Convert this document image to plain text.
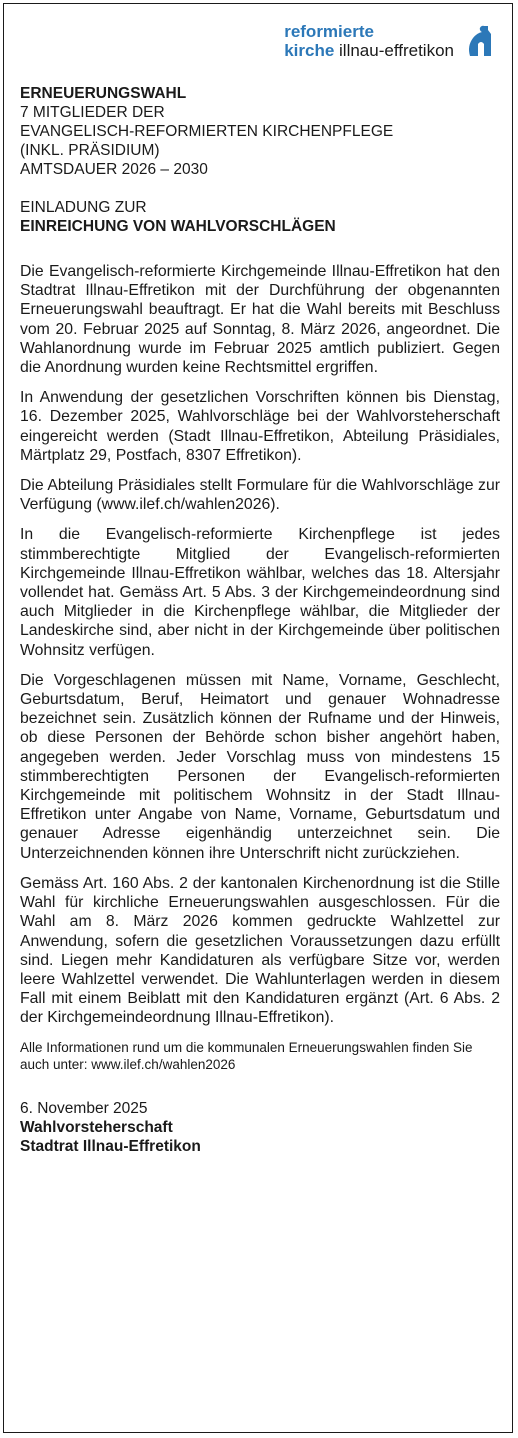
reformierte
kirche illnau-effretikon
ERNEUERUNGSWAHL
7 MITGLIEDER DER
EVANGELISCH-REFORMIERTEN KIRCHENPFLEGE
(INKL. PRÄSIDIUM)
AMTSDAUER 2026 – 2030
EINLADUNG ZUR
EINREICHUNG VON WAHLVORSCHLÄGEN

Die Evangelisch-reformierte Kirchgemeinde Illnau-Effretikon hat den Stadtrat Illnau-Effretikon mit der Durchführung der obgenannten Erneuerungswahl beauftragt. Er hat die Wahl bereits mit Beschluss vom 20. Februar 2025 auf Sonntag, 8. März 2026, angeordnet. Die Wahlanordnung wurde im Februar 2025 amtlich publiziert. Gegen die Anordnung wurden keine Rechtsmittel ergriffen.

In Anwendung der gesetzlichen Vorschriften können bis Dienstag, 16. Dezember 2025, Wahlvorschläge bei der Wahlvorsteherschaft eingereicht werden (Stadt Illnau-Effretikon, Abteilung Präsidiales, Märtplatz 29, Postfach, 8307 Effretikon).

Die Abteilung Präsidiales stellt Formulare für die Wahlvorschläge zur Verfügung (www.ilef.ch/wahlen2026).

In die Evangelisch-reformierte Kirchenpflege ist jedes stimmberechtigte Mitglied der Evangelisch-reformierten Kirchgemeinde Illnau-Effretikon wählbar, welches das 18. Altersjahr vollendet hat. Gemäss Art. 5 Abs. 3 der Kirchgemeindeordnung sind auch Mitglieder in die Kirchenpflege wählbar, die Mitglieder der Landeskirche sind, aber nicht in der Kirchgemeinde über politischen Wohnsitz verfügen.

Die Vorgeschlagenen müssen mit Name, Vorname, Geschlecht, Geburtsdatum, Beruf, Heimatort und genauer Wohnadresse bezeichnet sein. Zusätzlich können der Rufname und der Hinweis, ob diese Personen der Behörde schon bisher angehört haben, angegeben werden. Jeder Vorschlag muss von mindestens 15 stimmberechtigten Personen der Evangelisch-reformierten Kirchgemeinde mit politischem Wohnsitz in der Stadt Illnau-Effretikon unter Angabe von Name, Vorname, Geburtsdatum und genauer Adresse eigenhändig unterzeichnet sein. Die Unterzeichnenden können ihre Unterschrift nicht zurückziehen.

Gemäss Art. 160 Abs. 2 der kantonalen Kirchenordnung ist die Stille Wahl für kirchliche Erneuerungswahlen ausgeschlossen. Für die Wahl am 8. März 2026 kommen gedruckte Wahlzettel zur Anwendung, sofern die gesetzlichen Voraussetzungen dazu erfüllt sind. Liegen mehr Kandidaturen als verfügbare Sitze vor, werden leere Wahlzettel verwendet. Die Wahlunterlagen werden in diesem Fall mit einem Beiblatt mit den Kandidaturen ergänzt (Art. 6 Abs. 2 der Kirchgemeindeordnung Illnau-Effretikon).

Alle Informationen rund um die kommunalen Erneuerungswahlen finden Sie auch unter: www.ilef.ch/wahlen2026

6. November 2025
Wahlvorsteherschaft
Stadtrat Illnau-Effretikon
